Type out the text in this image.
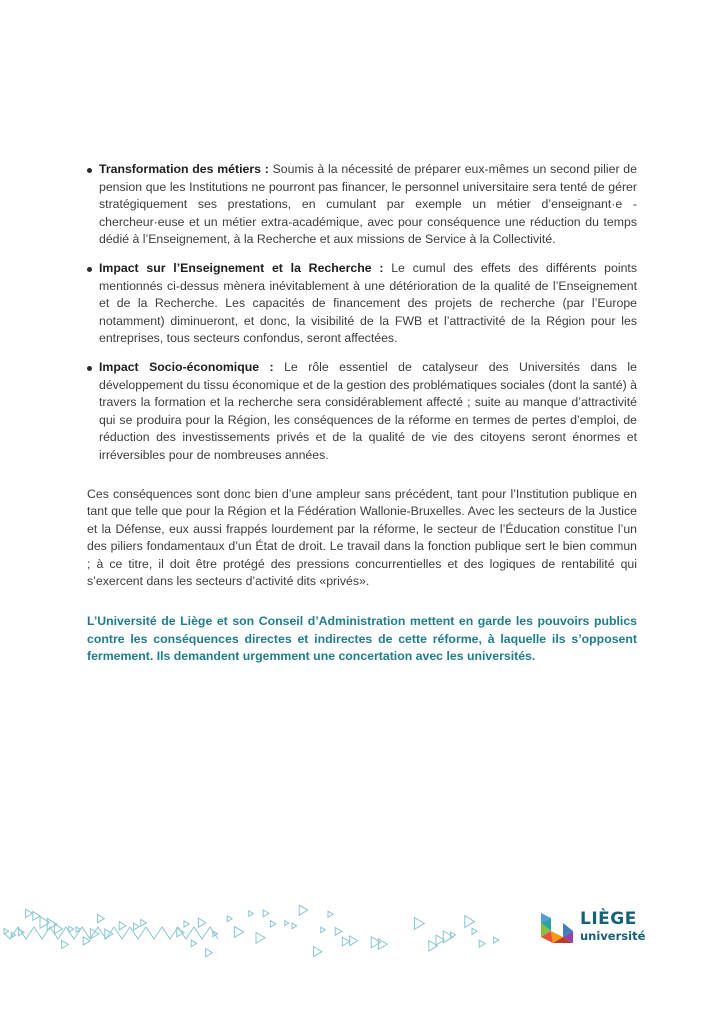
Transformation des métiers : Soumis à la nécessité de préparer eux-mêmes un second pilier de pension que les Institutions ne pourront pas financer, le personnel universitaire sera tenté de gérer stratégiquement ses prestations, en cumulant par exemple un métier d’enseignant·e - chercheur·euse et un métier extra-académique, avec pour conséquence une réduction du temps dédié à l’Enseignement, à la Recherche et aux missions de Service à la Collectivité.
Impact sur l’Enseignement et la Recherche : Le cumul des effets des différents points mentionnés ci-dessus mènera inévitablement à une détérioration de la qualité de l’Enseignement et de la Recherche. Les capacités de financement des projets de recherche (par l’Europe notamment) diminueront, et donc, la visibilité de la FWB et l’attractivité de la Région pour les entreprises, tous secteurs confondus, seront affectées.
Impact Socio-économique : Le rôle essentiel de catalyseur des Universités dans le développement du tissu économique et de la gestion des problématiques sociales (dont la santé) à travers la formation et la recherche sera considérablement affecté ; suite au manque d’attractivité qui se produira pour la Région, les conséquences de la réforme en termes de pertes d’emploi, de réduction des investissements privés et de la qualité de vie des citoyens seront énormes et irréversibles pour de nombreuses années.

Ces conséquences sont donc bien d’une ampleur sans précédent, tant pour l’Institution publique en tant que telle que pour la Région et la Fédération Wallonie-Bruxelles. Avec les secteurs de la Justice et la Défense, eux aussi frappés lourdement par la réforme, le secteur de l’Éducation constitue l’un des piliers fondamentaux d’un État de droit. Le travail dans la fonction publique sert le bien commun ; à ce titre, il doit être protégé des pressions concurrentielles et des logiques de rentabilité qui s’exercent dans les secteurs d’activité dits «privés».

L’Université de Liège et son Conseil d’Administration mettent en garde les pouvoirs publics contre les conséquences directes et indirectes de cette réforme, à laquelle ils s’opposent fermement. Ils demandent urgemment une concertation avec les universités.

LIÈGE
université
